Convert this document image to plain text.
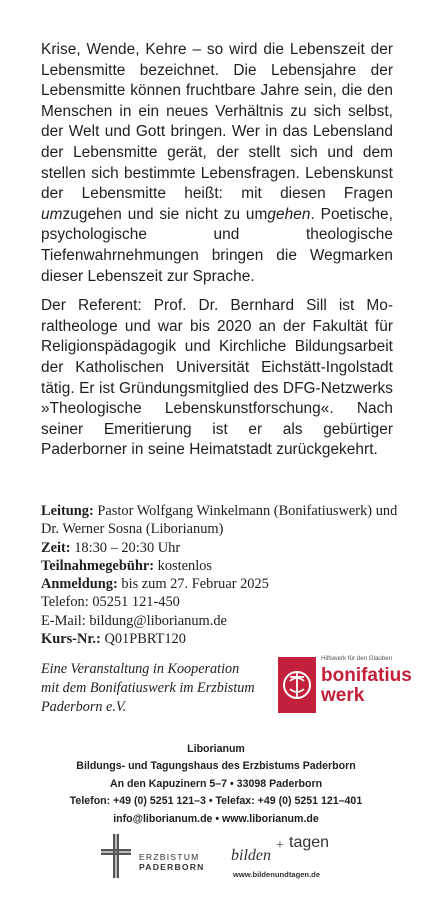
Krise, Wende, Kehre – so wird die Lebenszeit der Lebensmitte bezeichnet. Die Lebensjahre der Lebensmitte können fruchtbare Jahre sein, die den Menschen in ein neues Verhältnis zu sich selbst, der Welt und Gott bringen. Wer in das Lebensland der Lebensmitte gerät, der stellt sich und dem stellen sich bestimmte Lebensfragen. Lebenskunst der Lebensmitte heißt: mit diesen Fragen umzugehen und sie nicht zu umgehen. Poetische, psychologische und theologische Tiefenwahrnehmungen bringen die Wegmarken dieser Lebenszeit zur Sprache.

Der Referent: Prof. Dr. Bernhard Sill ist Moraltheologe und war bis 2020 an der Fakultät für Religionspädagogik und Kirchliche Bildungsarbeit der Katholischen Universität Eichstätt-Ingolstadt tätig. Er ist Gründungsmitglied des DFG-Netzwerks »Theologische Lebenskunstforschung«. Nach seiner Emeritierung ist er als gebürtiger Paderborner in seine Heimatstadt zurückgekehrt.

Leitung: Pastor Wolfgang Winkelmann (Bonifatiuswerk) und Dr. Werner Sosna (Liborianum)
Zeit: 18:30 – 20:30 Uhr
Teilnahmegebühr: kostenlos
Anmeldung: bis zum 27. Februar 2025
Telefon: 05251 121-450
E-Mail: bildung@liborianum.de
Kurs-Nr.: Q01PBRT120
Eine Veranstaltung in Kooperation mit dem Bonifatiuswerk im Erzbistum Paderborn e.V.
Hilfswerk für den Glauben
bonifatius
werk
Liborianum
Bildungs- und Tagungshaus des Erzbistums Paderborn
An den Kapuzinern 5–7 • 33098 Paderborn
Telefon: +49 (0) 5251 121–3 • Telefax: +49 (0) 5251 121–401
info@liborianum.de • www.liborianum.de
ERZBISTUM
PADERBORN
bilden
+ tagen
www.bildenundtagen.de
